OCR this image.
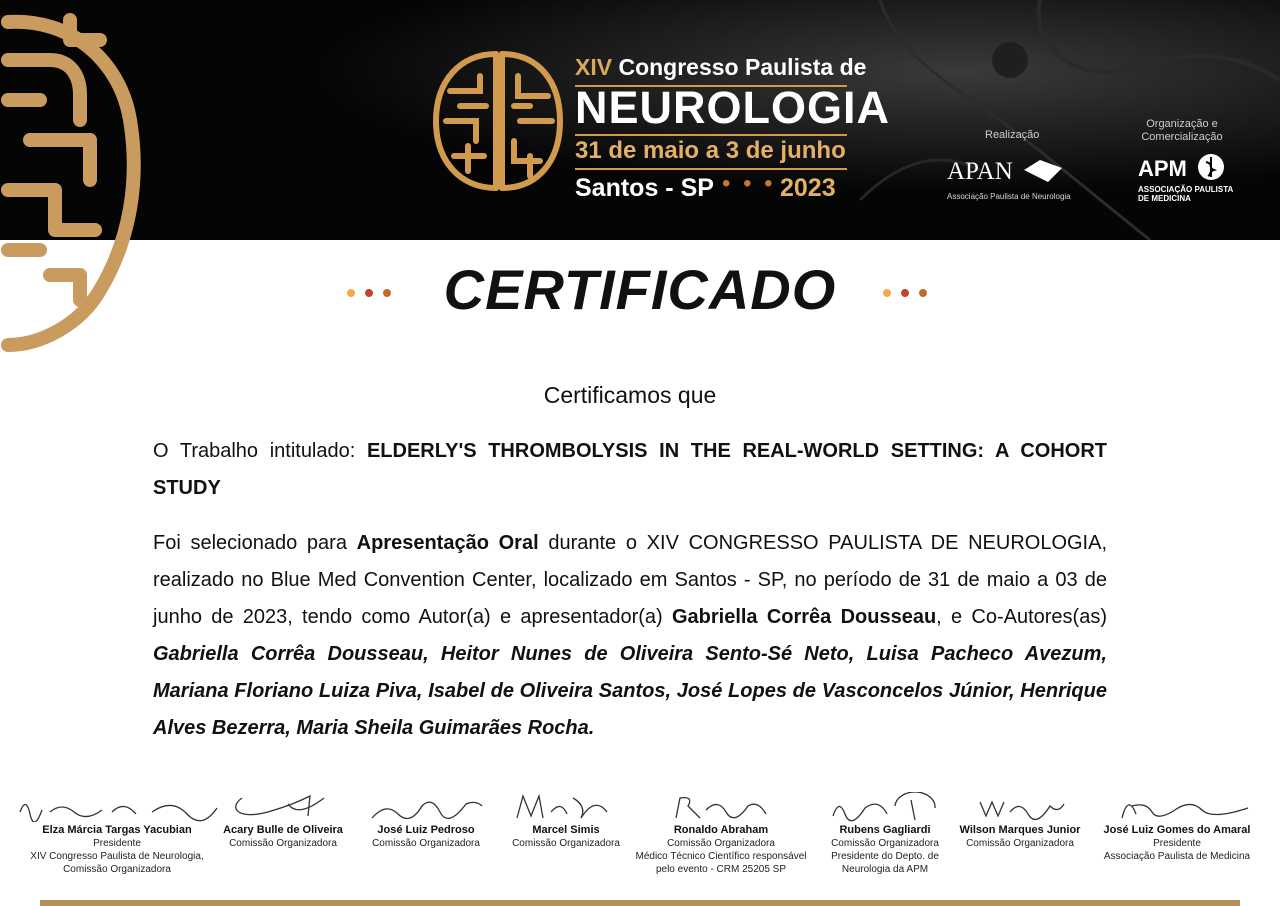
XIV Congresso Paulista de
NEUROLOGIA
31 de maio a 3 de junho
Santos - SP • • • 2023
Realização
APAN
Associação Paulista de Neurologia
Organização e Comercialização
APM
ASSOCIAÇÃO PAULISTA
DE MEDICINA
CERTIFICADO
Certificamos que
O Trabalho intitulado: ELDERLY'S THROMBOLYSIS IN THE REAL-WORLD SETTING: A COHORT STUDY
Foi selecionado para Apresentação Oral durante o XIV CONGRESSO PAULISTA DE NEUROLOGIA, realizado no Blue Med Convention Center, localizado em Santos - SP, no período de 31 de maio a 03 de junho de 2023, tendo como Autor(a) e apresentador(a) Gabriella Corrêa Dousseau, e Co-Autores(as) Gabriella Corrêa Dousseau, Heitor Nunes de Oliveira Sento-Sé Neto, Luisa Pacheco Avezum, Mariana Floriano Luiza Piva, Isabel de Oliveira Santos, José Lopes de Vasconcelos Júnior, Henrique Alves Bezerra, Maria Sheila Guimarães Rocha.
Elza Márcia Targas Yacubian
Presidente
XIV Congresso Paulista de Neurologia,
Comissão Organizadora
Acary Bulle de Oliveira
Comissão Organizadora
José Luiz Pedroso
Comissão Organizadora
Marcel Simis
Comissão Organizadora
Ronaldo Abraham
Comissão Organizadora
Médico Técnico Científico responsável
pelo evento - CRM 25205 SP
Rubens Gagliardi
Comissão Organizadora
Presidente do Depto. de
Neurologia da APM
Wilson Marques Junior
Comissão Organizadora
José Luiz Gomes do Amaral
Presidente
Associação Paulista de Medicina
